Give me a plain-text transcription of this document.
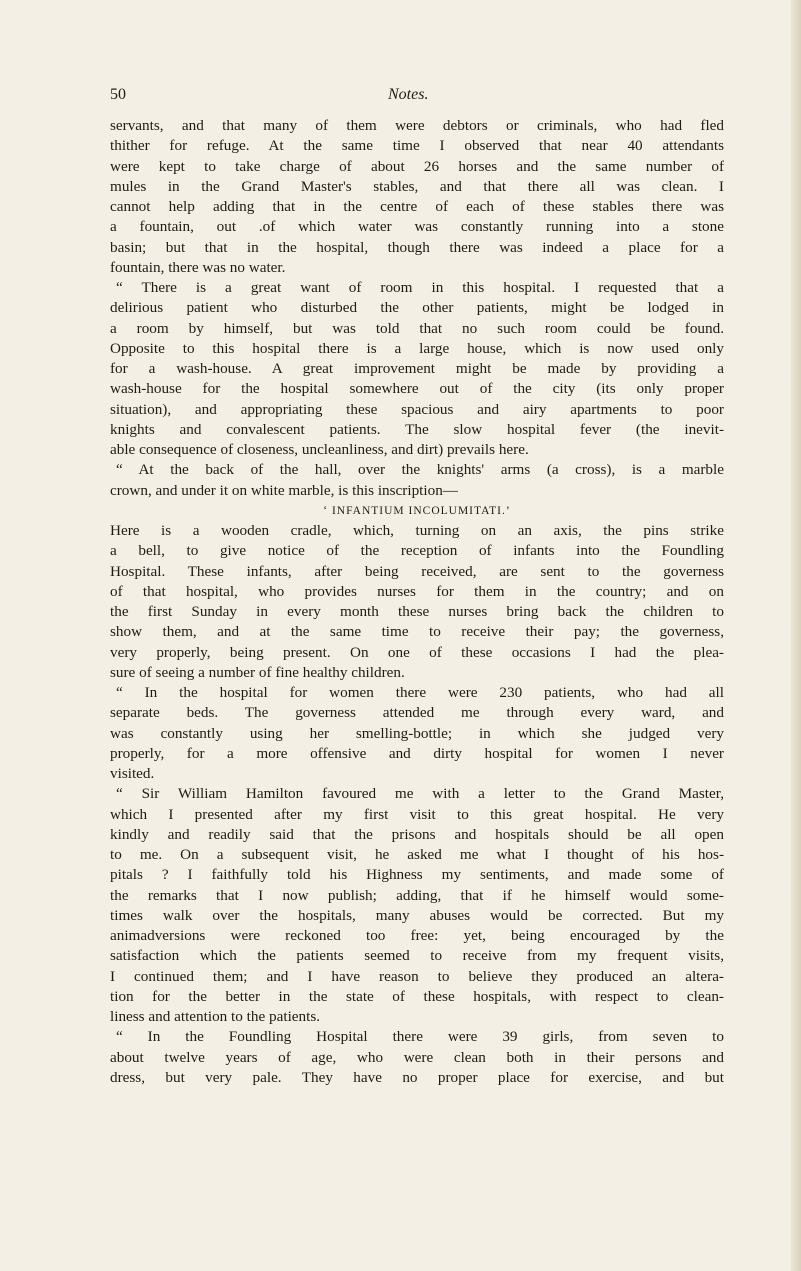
50	Notes.
servants, and that many of them were debtors or criminals, who had fled
thither for refuge. At the same time I observed that near 40 attendants
were kept to take charge of about 26 horses and the same number of
mules in the Grand Master's stables, and that there all was clean. I
cannot help adding that in the centre of each of these stables there was
a fountain, out .of which water was constantly running into a stone
basin; but that in the hospital, though there was indeed a place for a
fountain, there was no water.
“ There is a great want of room in this hospital. I requested that a
delirious patient who disturbed the other patients, might be lodged in
a room by himself, but was told that no such room could be found.
Opposite to this hospital there is a large house, which is now used only
for a wash-house. A great improvement might be made by providing a
wash-house for the hospital somewhere out of the city (its only proper
situation), and appropriating these spacious and airy apartments to poor
knights and convalescent patients. The slow hospital fever (the inevit-
able consequence of closeness, uncleanliness, and dirt) prevails here.
“ At the back of the hall, over the knights' arms (a cross), is a marble
crown, and under it on white marble, is this inscription—
‘ INFANTIUM INCOLUMITATI.’
Here is a wooden cradle, which, turning on an axis, the pins strike
a bell, to give notice of the reception of infants into the Foundling
Hospital. These infants, after being received, are sent to the governess
of that hospital, who provides nurses for them in the country; and on
the first Sunday in every month these nurses bring back the children to
show them, and at the same time to receive their pay; the governess,
very properly, being present. On one of these occasions I had the plea-
sure of seeing a number of fine healthy children.
“ In the hospital for women there were 230 patients, who had all
separate beds. The governess attended me through every ward, and
was constantly using her smelling-bottle; in which she judged very
properly, for a more offensive and dirty hospital for women I never
visited.
“ Sir William Hamilton favoured me with a letter to the Grand Master,
which I presented after my first visit to this great hospital. He very
kindly and readily said that the prisons and hospitals should be all open
to me. On a subsequent visit, he asked me what I thought of his hos-
pitals ? I faithfully told his Highness my sentiments, and made some of
the remarks that I now publish; adding, that if he himself would some-
times walk over the hospitals, many abuses would be corrected. But my
animadversions were reckoned too free: yet, being encouraged by the
satisfaction which the patients seemed to receive from my frequent visits,
I continued them; and I have reason to believe they produced an altera-
tion for the better in the state of these hospitals, with respect to clean-
liness and attention to the patients.
“ In the Foundling Hospital there were 39 girls, from seven to
about twelve years of age, who were clean both in their persons and
dress, but very pale. They have no proper place for exercise, and but
